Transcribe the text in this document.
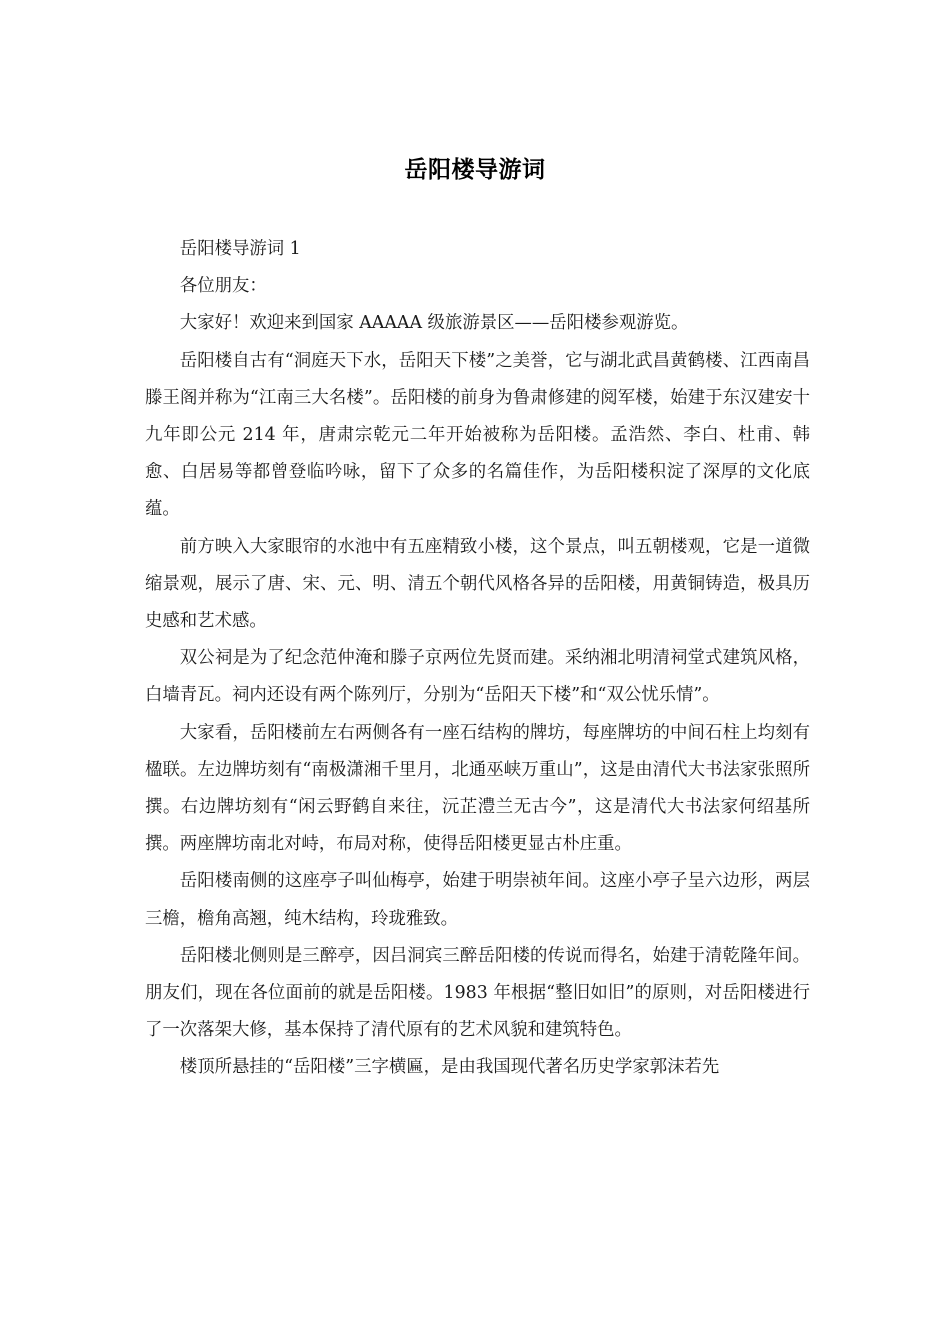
岳阳楼导游词

岳阳楼导游词 1

各位朋友：

大家好！欢迎来到国家 AAAAA 级旅游景区——岳阳楼参观游览。

岳阳楼自古有“洞庭天下水，岳阳天下楼”之美誉，它与湖北武昌黄鹤楼、江西南昌滕王阁并称为“江南三大名楼”。岳阳楼的前身为鲁肃修建的阅军楼，始建于东汉建安十九年即公元 214 年，唐肃宗乾元二年开始被称为岳阳楼。孟浩然、李白、杜甫、韩愈、白居易等都曾登临吟咏，留下了众多的名篇佳作，为岳阳楼积淀了深厚的文化底蕴。

前方映入大家眼帘的水池中有五座精致小楼，这个景点，叫五朝楼观，它是一道微缩景观，展示了唐、宋、元、明、清五个朝代风格各异的岳阳楼，用黄铜铸造，极具历史感和艺术感。

双公祠是为了纪念范仲淹和滕子京两位先贤而建。采纳湘北明清祠堂式建筑风格，白墙青瓦。祠内还设有两个陈列厅，分别为“岳阳天下楼”和“双公忧乐情”。

大家看，岳阳楼前左右两侧各有一座石结构的牌坊，每座牌坊的中间石柱上均刻有楹联。左边牌坊刻有“南极潇湘千里月，北通巫峡万重山”，这是由清代大书法家张照所撰。右边牌坊刻有“闲云野鹤自来往，沅芷澧兰无古今”，这是清代大书法家何绍基所撰。两座牌坊南北对峙，布局对称，使得岳阳楼更显古朴庄重。

岳阳楼南侧的这座亭子叫仙梅亭，始建于明崇祯年间。这座小亭子呈六边形，两层三檐，檐角高翘，纯木结构，玲珑雅致。

岳阳楼北侧则是三醉亭，因吕洞宾三醉岳阳楼的传说而得名，始建于清乾隆年间。朋友们，现在各位面前的就是岳阳楼。1983 年根据“整旧如旧”的原则，对岳阳楼进行了一次落架大修，基本保持了清代原有的艺术风貌和建筑特色。

楼顶所悬挂的“岳阳楼”三字横匾，是由我国现代著名历史学家郭沫若先
